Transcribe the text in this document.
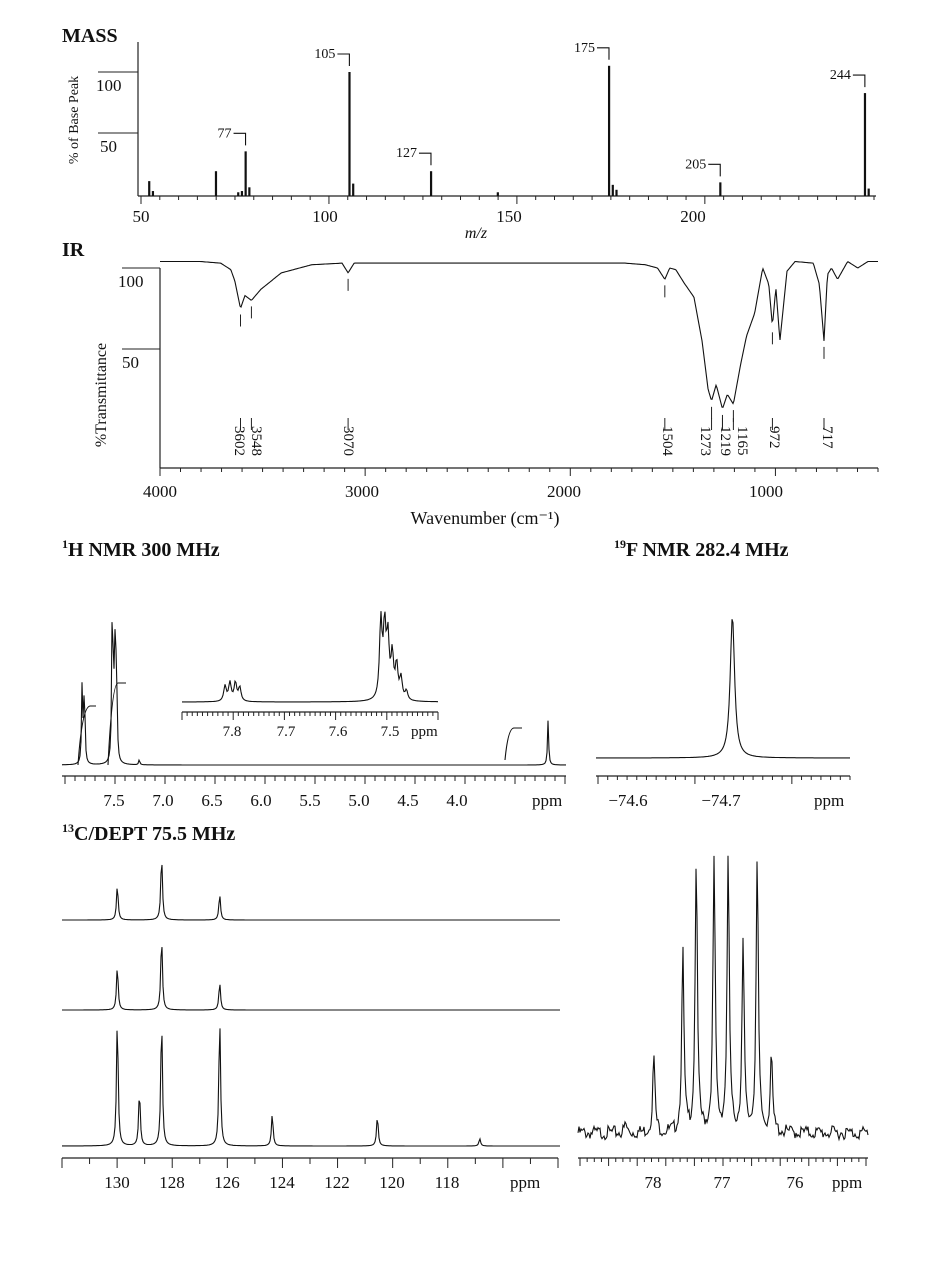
MASS
% of Base Peak 100
50
50	100	150	200
m/z
77
105
127
175
205
244
IR
%Transmittance
100
50
4000	3000	2000	1000
Wavenumber (cm⁻¹)
3602 3548	3070	1504 1273 1219 1165 972 717
$^1$H NMR 300 MHz
7.5 7.0 6.5 6.0 5.5 5.0 4.5 4.0	ppm
7.8 7.7 7.6 7.5 ppm
$^{19}$F NMR 282.4 MHz
−74.6	−74.7	ppm
$^{13}$C/DEPT 75.5 MHz
130 128 126 124 122 120 118	ppm	78	77	76 ppm
